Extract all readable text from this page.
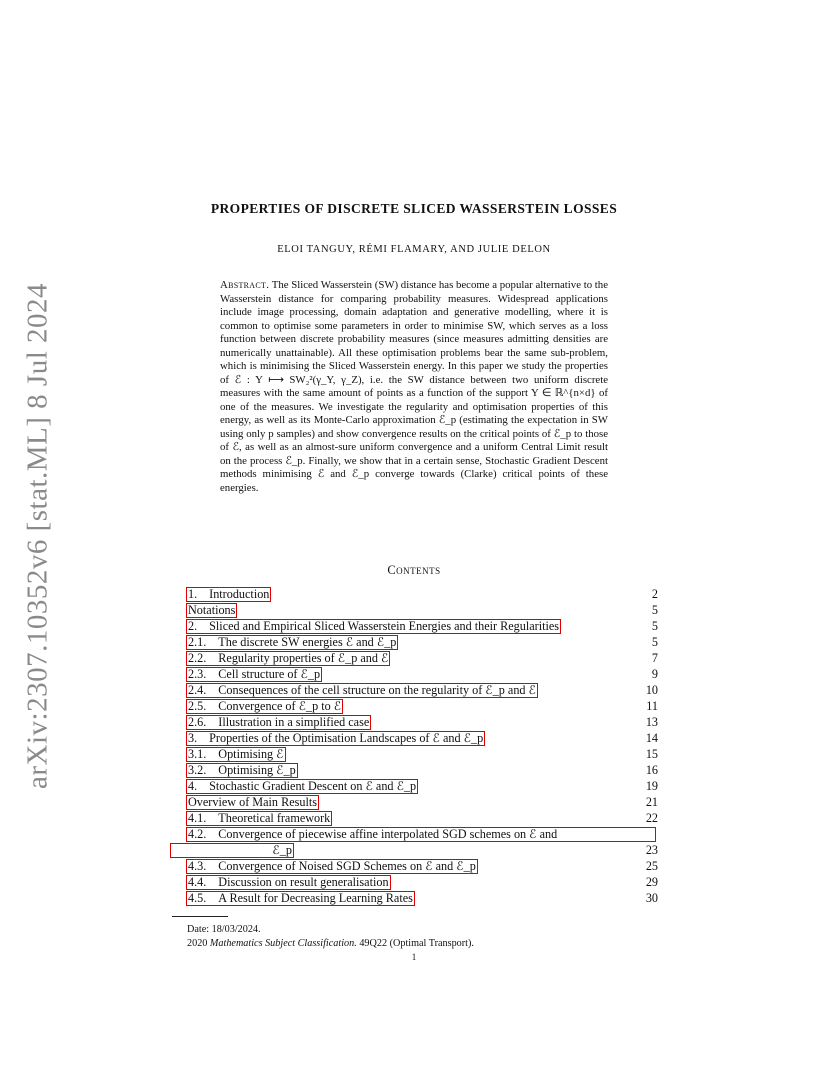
arXiv:2307.10352v6 [stat.ML] 8 Jul 2024
PROPERTIES OF DISCRETE SLICED WASSERSTEIN LOSSES
ELOI TANGUY, RÉMI FLAMARY, AND JULIE DELON

Abstract. The Sliced Wasserstein (SW) distance has become a popular alternative to the Wasserstein distance for comparing probability measures. Widespread applications include image processing, domain adaptation and generative modelling, where it is common to optimise some parameters in order to minimise SW, which serves as a loss function between discrete probability measures (since measures admitting densities are numerically unattainable). All these optimisation problems bear the same sub-problem, which is minimising the Sliced Wasserstein energy. In this paper we study the properties of ℰ : Y ⟼ SW₂²(γ_Y, γ_Z), i.e. the SW distance between two uniform discrete measures with the same amount of points as a function of the support Y ∈ ℝ^{n×d} of one of the measures. We investigate the regularity and optimisation properties of this energy, as well as its Monte-Carlo approximation ℰ_p (estimating the expectation in SW using only p samples) and show convergence results on the critical points of ℰ_p to those of ℰ, as well as an almost-sure uniform convergence and a uniform Central Limit result on the process ℰ_p. Finally, we show that in a certain sense, Stochastic Gradient Descent methods minimising ℰ and ℰ_p converge towards (Clarke) critical points of these energies.

Contents
1. Introduction	2
Notations	5
2. Sliced and Empirical Sliced Wasserstein Energies and their Regularities	5
2.1. The discrete SW energies ℰ and ℰ_p	5
2.2. Regularity properties of ℰ_p and ℰ	7
2.3. Cell structure of ℰ_p	9
2.4. Consequences of the cell structure on the regularity of ℰ_p and ℰ	10
2.5. Convergence of ℰ_p to ℰ	11
2.6. Illustration in a simplified case	13
3. Properties of the Optimisation Landscapes of ℰ and ℰ_p	14
3.1. Optimising ℰ	15
3.2. Optimising ℰ_p	16
4. Stochastic Gradient Descent on ℰ and ℰ_p	19
Overview of Main Results	21
4.1. Theoretical framework	22
4.2. Convergence of piecewise affine interpolated SGD schemes on ℰ and
ℰ_p	23
4.3. Convergence of Noised SGD Schemes on ℰ and ℰ_p	25
4.4. Discussion on result generalisation	29
4.5. A Result for Decreasing Learning Rates	30
Date: 18/03/2024.
2020 Mathematics Subject Classification. 49Q22 (Optimal Transport).
1
